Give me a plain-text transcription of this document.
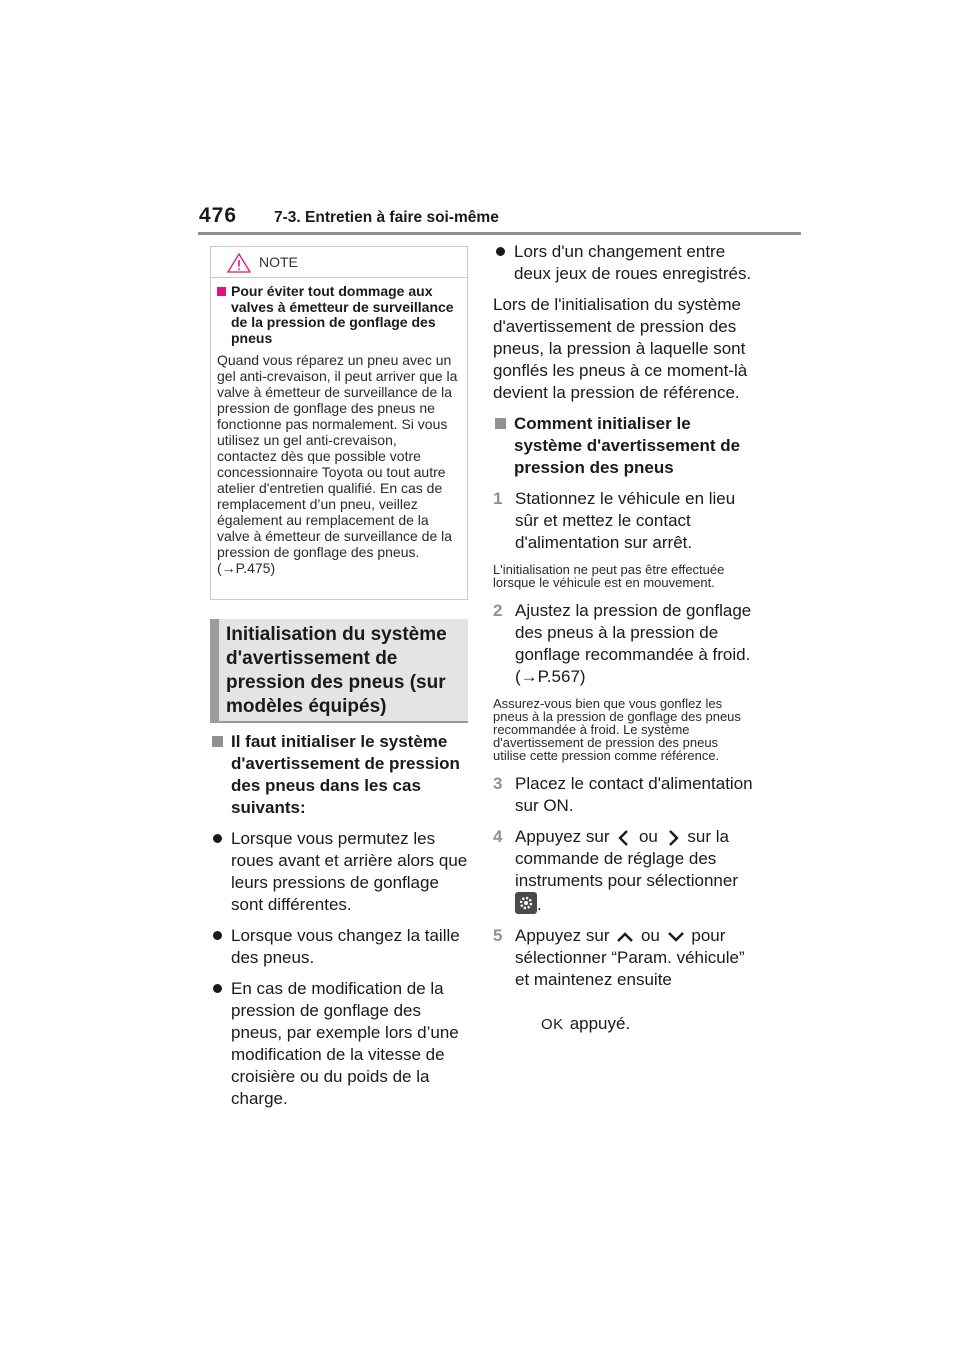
476 7-3. Entretien à faire soi-même
NOTE
Pour éviter tout dommage aux valves à émetteur de surveillance de la pression de gonflage des pneus
Quand vous réparez un pneu avec un gel anti-crevaison, il peut arriver que la valve à émetteur de surveillance de la pression de gonflage des pneus ne fonctionne pas normalement. Si vous utilisez un gel anti-crevaison, contactez dès que possible votre concessionnaire Toyota ou tout autre atelier d'entretien qualifié. En cas de remplacement d’un pneu, veillez également au remplacement de la valve à émetteur de surveillance de la pression de gonflage des pneus. (→P.475)
Initialisation du système d'avertissement de pression des pneus (sur modèles équipés)
Il faut initialiser le système d'avertissement de pression des pneus dans les cas suivants:
Lorsque vous permutez les roues avant et arrière alors que leurs pressions de gonflage sont différentes.
Lorsque vous changez la taille des pneus.
En cas de modification de la pression de gonflage des pneus, par exemple lors d’une modification de la vitesse de croisière ou du poids de la charge.
Lors d'un changement entre deux jeux de roues enregistrés.
Lors de l'initialisation du système d'avertissement de pression des pneus, la pression à laquelle sont gonflés les pneus à ce moment-là devient la pression de référence.
Comment initialiser le système d'avertissement de pression des pneus
1 Stationnez le véhicule en lieu sûr et mettez le contact d'alimentation sur arrêt.
L'initialisation ne peut pas être effectuée lorsque le véhicule est en mouvement.
2 Ajustez la pression de gonflage des pneus à la pression de gonflage recommandée à froid. (→P.567)
Assurez-vous bien que vous gonflez les pneus à la pression de gonflage des pneus recommandée à froid. Le système d'avertissement de pression des pneus utilise cette pression comme référence.
3 Placez le contact d'alimentation sur ON.
4 Appuyez sur ou sur la commande de réglage des instruments pour sélectionner .
5 Appuyez sur ou pour sélectionner “Param. véhicule” et maintenez ensuite

OK appuyé.
